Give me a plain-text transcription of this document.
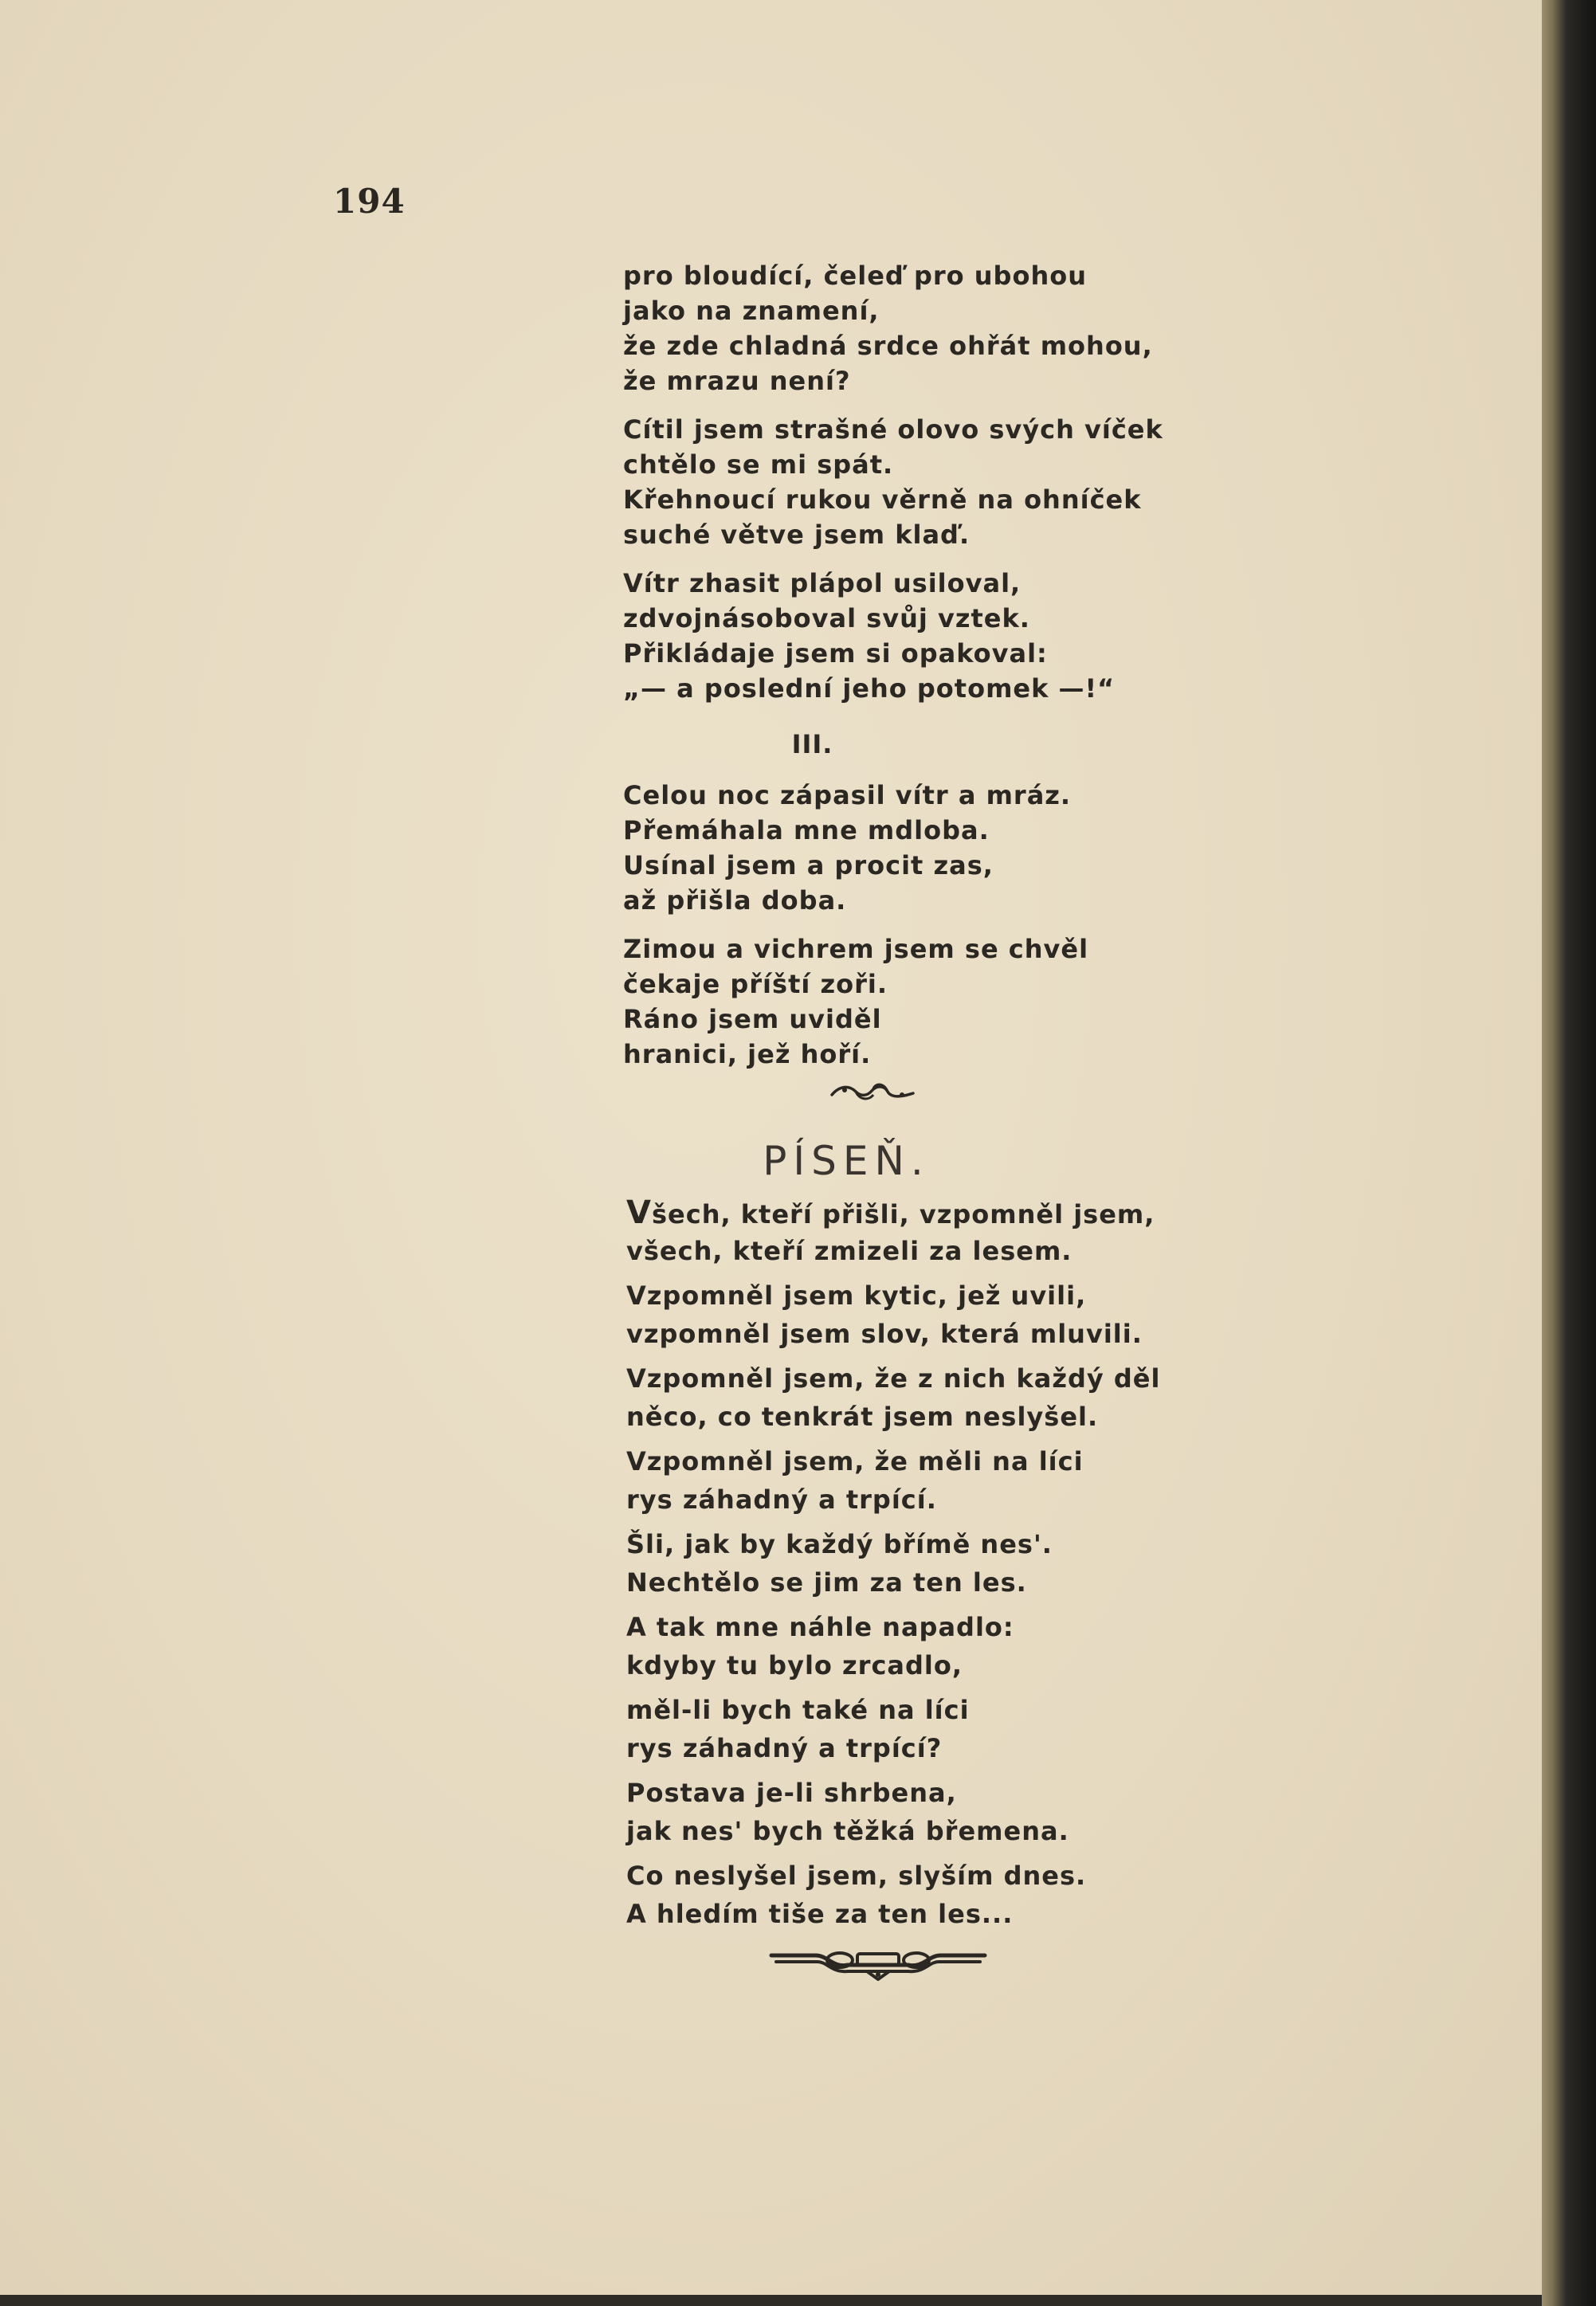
194
pro bloudící, čeleď pro ubohou
jako na znamení,
že zde chladná srdce ohřát mohou,
že mrazu není?
Cítil jsem strašné olovo svých víček
chtělo se mi spát.
Křehnoucí rukou věrně na ohníček
suché větve jsem klaď.
Vítr zhasit plápol usiloval,
zdvojnásoboval svůj vztek.
Přikládaje jsem si opakoval:
„— a poslední jeho potomek —!“
III.
Celou noc zápasil vítr a mráz.
Přemáhala mne mdloba.
Usínal jsem a procit zas,
až přišla doba.
Zimou a vichrem jsem se chvěl
čekaje příští zoři.
Ráno jsem uviděl
hranici, jež hoří.
PÍSEŇ.
Všech, kteří přišli, vzpomněl jsem,
všech, kteří zmizeli za lesem.
Vzpomněl jsem kytic, jež uvili,
vzpomněl jsem slov, která mluvili.
Vzpomněl jsem, že z nich každý děl
něco, co tenkrát jsem neslyšel.
Vzpomněl jsem, že měli na líci
rys záhadný a trpící.
Šli, jak by každý břímě nes'.
Nechtělo se jim za ten les.
A tak mne náhle napadlo:
kdyby tu bylo zrcadlo,
měl-li bych také na líci
rys záhadný a trpící?
Postava je-li shrbena,
jak nes' bych těžká břemena.
Co neslyšel jsem, slyším dnes.
A hledím tiše za ten les...
